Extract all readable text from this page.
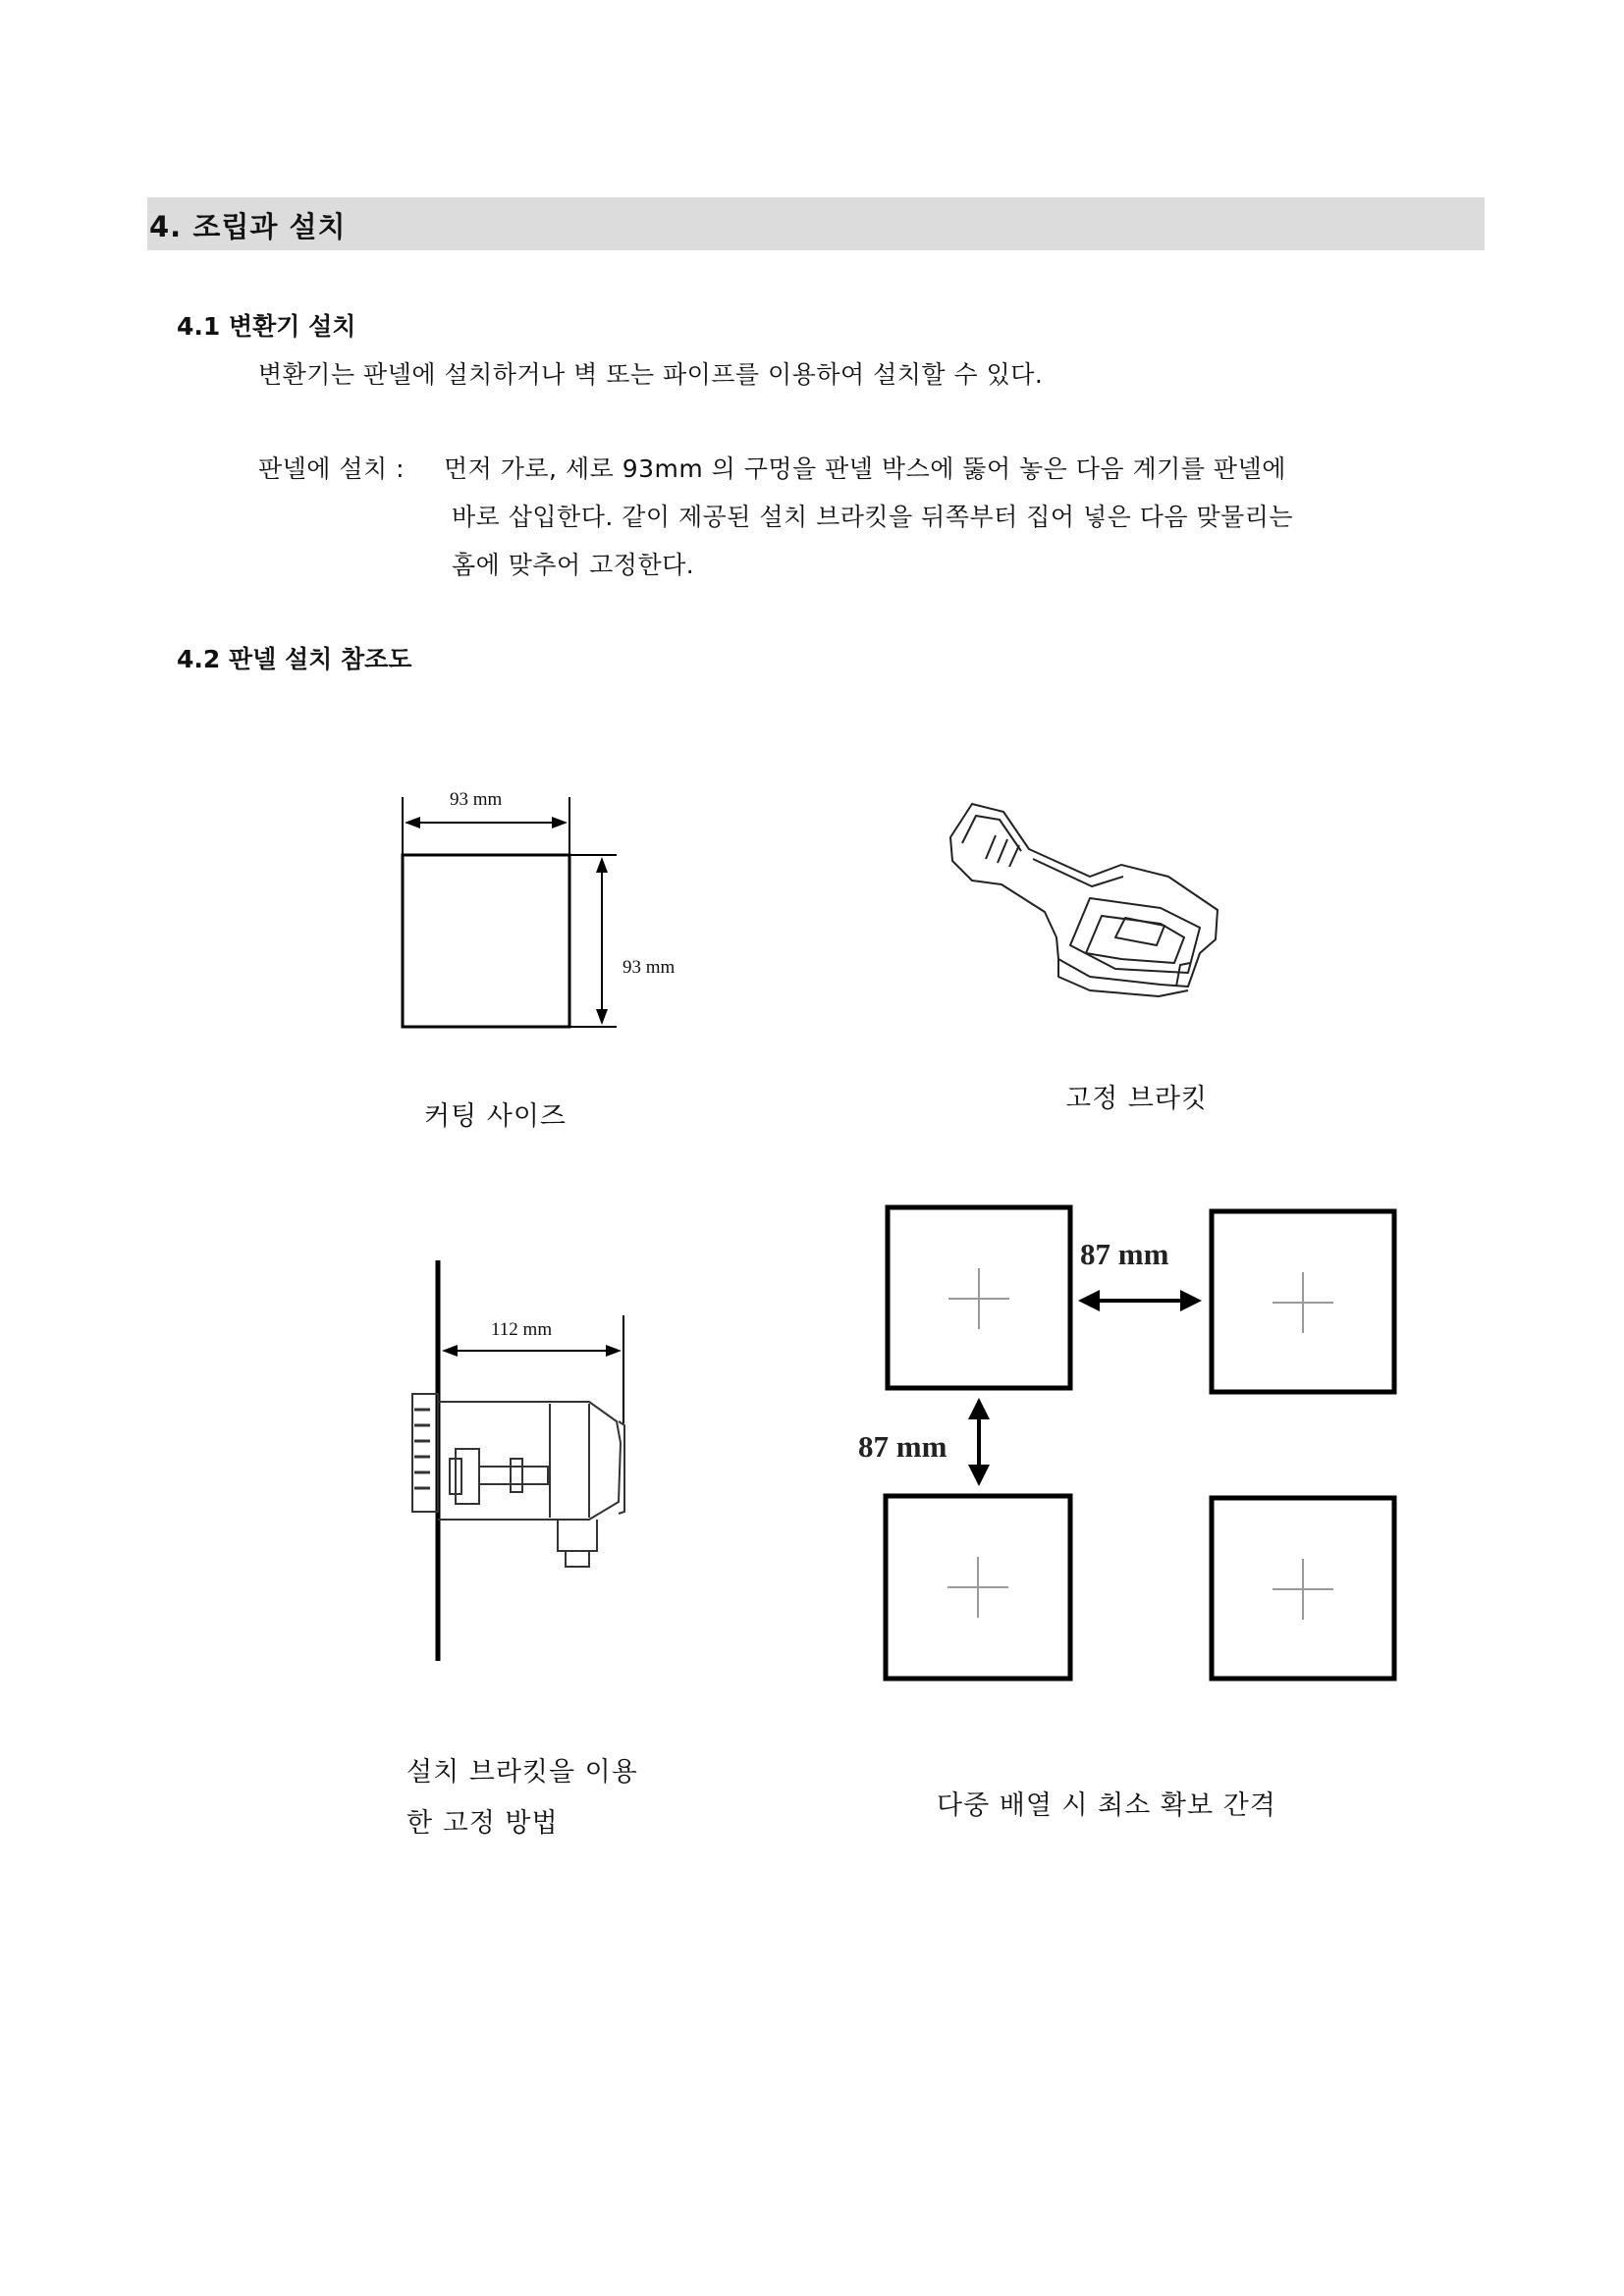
4. 조립과 설치
4.1 변환기 설치
변환기는 판넬에 설치하거나 벽 또는 파이프를 이용하여 설치할 수 있다.
판넬에 설치 : 먼저 가로, 세로 93mm 의 구멍을 판넬 박스에 뚫어 놓은 다음 계기를 판넬에
바로 삽입한다. 같이 제공된 설치 브라킷을 뒤쪽부터 집어 넣은 다음 맞물리는
홈에 맞추어 고정한다.
4.2 판넬 설치 참조도
93 mm
93 mm
커팅 사이즈
고정 브라킷
112 mm
설치 브라킷을 이용
한 고정 방법
87 mm
87 mm
다중 배열 시 최소 확보 간격
